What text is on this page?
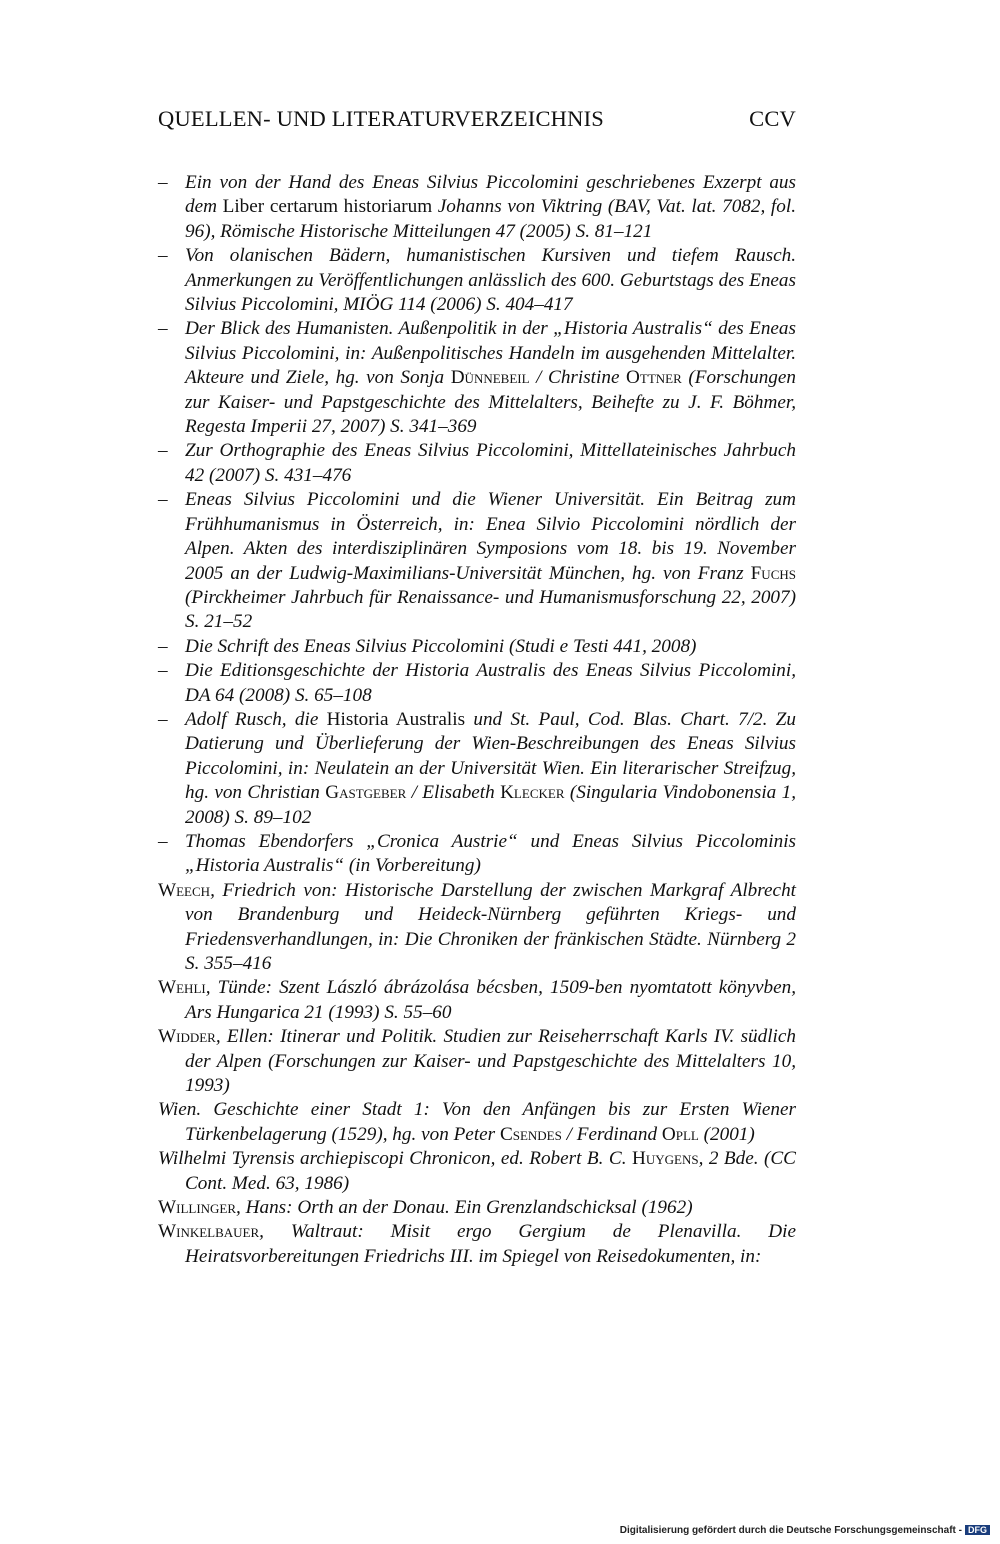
QUELLEN- UND LITERATURVERZEICHNIS	CCV

– Ein von der Hand des Eneas Silvius Piccolomini geschriebenes Exzerpt aus dem Liber certarum historiarum Johanns von Viktring (BAV, Vat. lat. 7082, fol. 96), Römische Historische Mitteilungen 47 (2005) S. 81–121

– Von olanischen Bädern, humanistischen Kursiven und tiefem Rausch. Anmerkungen zu Veröffentlichungen anlässlich des 600. Geburtstags des Eneas Silvius Piccolomini, MIÖG 114 (2006) S. 404–417

– Der Blick des Humanisten. Außenpolitik in der „Historia Australis“ des Eneas Silvius Piccolomini, in: Außenpolitisches Handeln im ausgehenden Mittelalter. Akteure und Ziele, hg. von Sonja Dünnebeil / Christine Ottner (Forschungen zur Kaiser- und Papstgeschichte des Mittelalters, Beihefte zu J. F. Böhmer, Regesta Imperii 27, 2007) S. 341–369

– Zur Orthographie des Eneas Silvius Piccolomini, Mittellateinisches Jahrbuch 42 (2007) S. 431–476

– Eneas Silvius Piccolomini und die Wiener Universität. Ein Beitrag zum Frühhumanismus in Österreich, in: Enea Silvio Piccolomini nördlich der Alpen. Akten des interdisziplinären Symposions vom 18. bis 19. November 2005 an der Ludwig-Maximilians-Universität München, hg. von Franz Fuchs (Pirckheimer Jahrbuch für Renaissance- und Humanismusforschung 22, 2007) S. 21–52

– Die Schrift des Eneas Silvius Piccolomini (Studi e Testi 441, 2008)

– Die Editionsgeschichte der Historia Australis des Eneas Silvius Piccolomini, DA 64 (2008) S. 65–108

– Adolf Rusch, die Historia Australis und St. Paul, Cod. Blas. Chart. 7/2. Zu Datierung und Überlieferung der Wien-Beschreibungen des Eneas Silvius Piccolomini, in: Neulatein an der Universität Wien. Ein literarischer Streifzug, hg. von Christian Gastgeber / Elisabeth Klecker (Singularia Vindobonensia 1, 2008) S. 89–102

– Thomas Ebendorfers „Cronica Austrie“ und Eneas Silvius Piccolominis „Historia Australis“ (in Vorbereitung)

Weech, Friedrich von: Historische Darstellung der zwischen Markgraf Albrecht von Brandenburg und Heideck-Nürnberg geführten Kriegs- und Friedensverhandlungen, in: Die Chroniken der fränkischen Städte. Nürnberg 2 S. 355–416

Wehli, Tünde: Szent László ábrázolása bécsben, 1509-ben nyomtatott könyvben, Ars Hungarica 21 (1993) S. 55–60

Widder, Ellen: Itinerar und Politik. Studien zur Reiseherrschaft Karls IV. südlich der Alpen (Forschungen zur Kaiser- und Papstgeschichte des Mittelalters 10, 1993)

Wien. Geschichte einer Stadt 1: Von den Anfängen bis zur Ersten Wiener Türkenbelagerung (1529), hg. von Peter Csendes / Ferdinand Opll (2001)

Wilhelmi Tyrensis archiepiscopi Chronicon, ed. Robert B. C. Huygens, 2 Bde. (CC Cont. Med. 63, 1986)

Willinger, Hans: Orth an der Donau. Ein Grenzlandschicksal (1962)

Winkelbauer, Waltraut: Misit ergo Gergium de Plenavilla. Die Heiratsvorbereitungen Friedrichs III. im Spiegel von Reisedokumenten, in:

Digitalisierung gefördert durch die Deutsche Forschungsgemeinschaft - DFG
